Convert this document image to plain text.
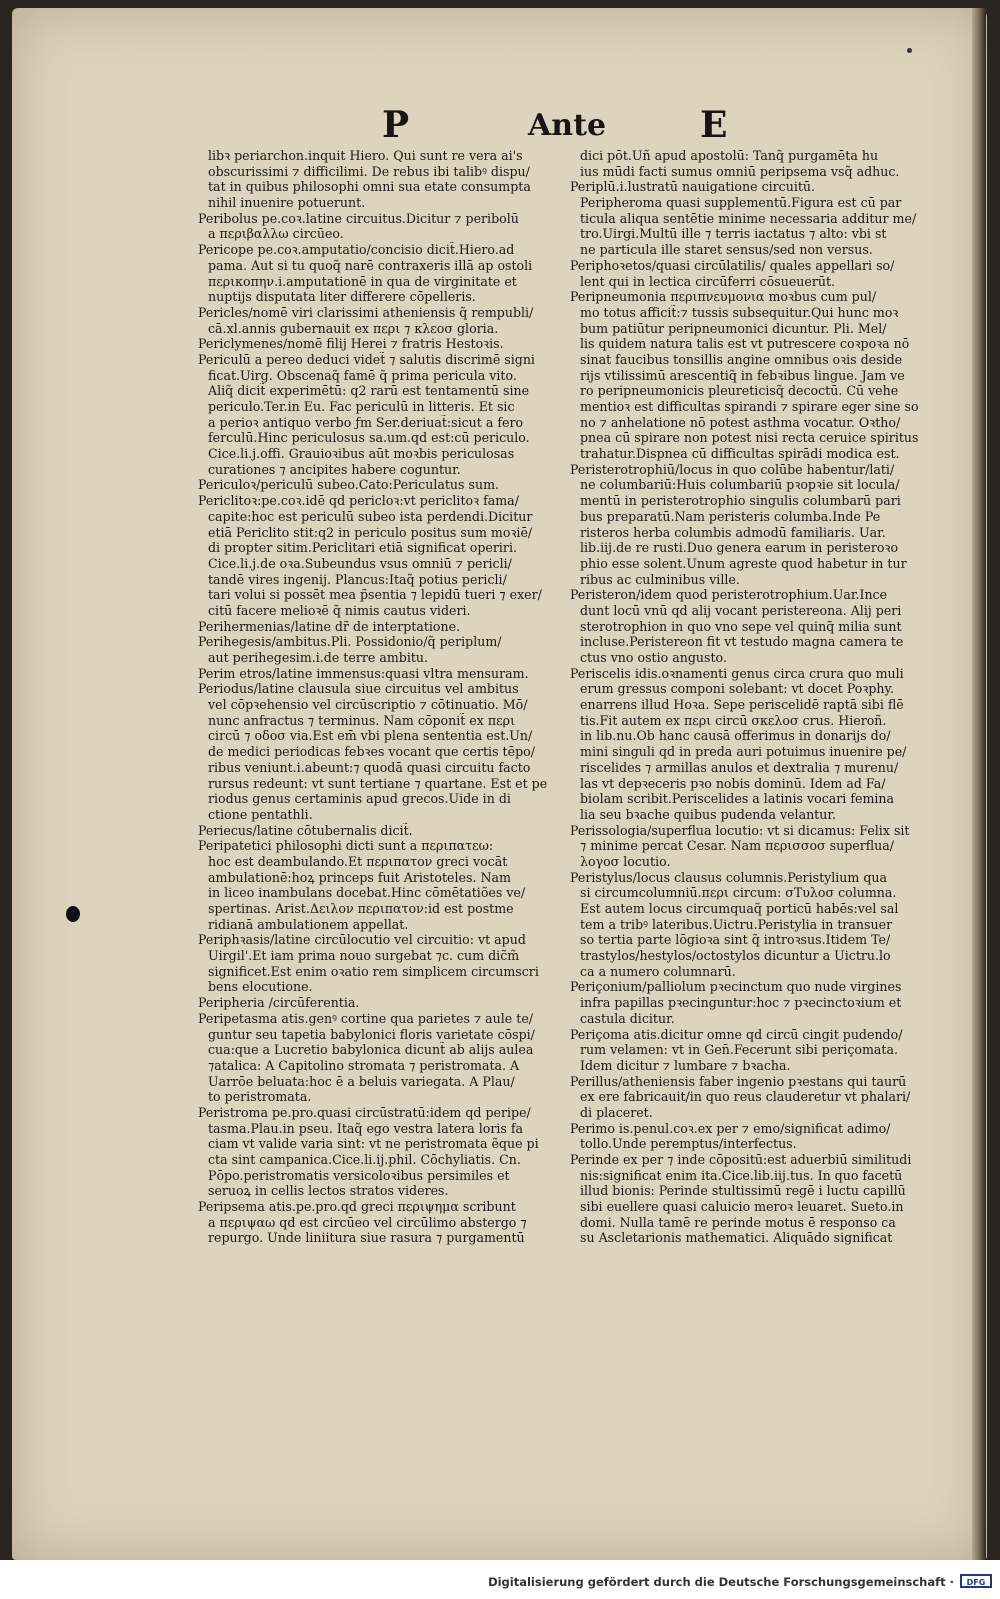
P	Ante	E
libꝛ periarchon.inquit Hiero. Qui sunt re vera ai's
obscurissimi ⁊ difficilimi. De rebus ibi talibꝰ dispu/
tat in quibus philosophi omni sua etate consumpta
nihil inuenire potuerunt.
Peribolus pe.coꝛ.latine circuitus.Dicitur ⁊ peribolū
a περιβαλλω circūeo.
Pericope pe.coꝛ.amputatio/concisio dicit̃.Hiero.ad
pama. Aut si tu quoq̃ narē contraxeris illā ap ostoli
περικοπην.i.amputationē in qua de virginitate et
nuptijs disputata liter differere cōpelleris.
Pericles/nomē viri clarissimi atheniensis q̃ rempubli/
cā.xl.annis gubernauit ex περι ⁊ κλεοσ gloria.
Periclymenes/nomē filij Herei ⁊ fratris Hestoꝛis.
Periculū a pereo deduci videt̃ ⁊ salutis discrimē signi
ficat.Uirg. Obscenaq̃ famē q̃ prima pericula vito.
Aliq̃ dicit̃ experimētū: q2 rarū est tentamentū sine
periculo.Ter.in Eu. Fac periculū in litteris. Et sic
a perioꝛ antiquo verbo ƒm Ser.deriuat̃:sicut a fero
ferculū.Hinc periculosus sa.um.qd est:cū periculo.
Cice.li.j.offi. Grauioꝛibus aūt moꝛbis periculosas
curationes ⁊ ancipites habere coguntur.
Periculoꝛ/periculū subeo.Cato:Periculatus sum.
Periclitoꝛ:pe.coꝛ.idē qd pericloꝛ:vt periclitoꝛ fama/
capite:hoc est periculū subeo ista perdendi.Dicitur
etiā Periclito stit:q2 in periculo positus sum moꝛiē/
di propter sitim.Periclitari etiā significat operiri.
Cice.li.j.de oꝛa.Subeundus vsus omniū ⁊ pericli/
tandē vires ingenij. Plancus:Itaq̃ potius pericli/
tari volui si possēt mea p̃sentia ⁊ lepidū tueri ⁊ exer/
citū facere melioꝛē q̃ nimis cautus videri.
Perihermenias/latine dr̃ de interptatione.
Perihegesis/ambitus.Pli. Possidonio/q̃ periplum/
aut perihegesim.i.de terre ambitu.
Perim etros/latine immensus:quasi vltra mensuram.
Periodus/latine clausula siue circuitus vel ambitus
vel cōpꝛehensio vel circūscriptio ⁊ cōtinuatio. Mō/
nunc anfractus ⁊ terminus. Nam cōponit̃ ex περι
circū ⁊ οδοσ via.Est em̄ vbi plena sententia est.Un/
de medici periodicas febꝛes vocant que certis tēpo/
ribus veniunt.i.abeunt:⁊ quodā quasi circuitu facto
rursus redeunt: vt sunt tertiane ⁊ quartane. Est et pe
riodus genus certaminis apud grecos.Uide in di
ctione pentathli.
Periecus/latine cōtubernalis dicit̃.
Peripatetici philosophi dicti sunt a περιπατεω:
hoc est deambulando.Et περιπατον greci vocāt
ambulationē:hoꝝ princeps fuit Aristoteles. Nam
in liceo inambulans docebat.Hinc cōmētatiões ve/
spertinas. Arist.Δειλον περιπατον:id est postme
ridianā ambulationem appellat.
Periphꝛasis/latine circūlocutio vel circuitio: vt apud
Uirgil'.Et iam prima nouo surgebat ⁊c. cum dic̃m̃
significet.Est enim oꝛatio rem simplicem circumscri
bens elocutione.
Peripheria /circūferentia.
Peripetasma atis.genꝰ cortine qua parietes ⁊ aule te/
guntur seu tapetia babylonici floris varietate cōspi/
cua:que a Lucretio babylonica dicunt̃ ab alijs aulea
⁊atalica: A Capitolino stromata ⁊ peristromata. A
Uarrōe beluata:hoc ē a beluis variegata. A Plau/
to peristromata.
Peristroma pe.pro.quasi circūstratū:idem qd peripe/
tasma.Plau.in pseu. Itaq̃ ego vestra latera loris fa
ciam vt valide varia sint: vt ne peristromata ẽque pi
cta sint campanica.Cice.li.ij.phil. Cōchyliatis. Cn.
Pōpo.peristromatis versicoloꝛibus persimiles et
seruoꝝ in cellis lectos stratos videres.
Peripsema atis.pe.pro.qd greci περιψημα scribunt
a περιψαω qd est circūeo vel circūlimo abstergo ⁊
repurgo. Unde liniitura siue rasura ⁊ purgamentū
dici pōt.Uñ apud apostolū: Tanq̃ purgamēta hu
ius mūdi facti sumus omniū peripsema vsq̃ adhuc.
Periplū.i.lustratū nauigatione circuitū.
Peripheroma quasi supplementū.Figura est cū par
ticula aliqua sentētie minime necessaria additur me/
tro.Uirgi.Multū ille ⁊ terris iactatus ⁊ alto: vbi st
ne particula ille staret sensus/sed non versus.
Periphoꝛetos/quasi circūlatilis/ quales appellari so/
lent qui in lectica circūferri cōsueuerūt.
Peripneumonia περιπνευμονια moꝛbus cum pul/
mo totus afficit̃:⁊ tussis subsequitur.Qui hunc moꝛ
bum patiūtur peripneumonici dicuntur. Pli. Mel/
lis quidem natura talis est vt putrescere coꝛpoꝛa nō
sinat faucibus tonsillis angine omnibus oꝛis deside
rijs vtilissimū arescentiq̃ in febꝛibus lingue. Jam ve
ro peripneumonicis pleureticisq̃ decoctū. Cū vehe
mentioꝛ est difficultas spirandi ⁊ spirare eger sine so
no ⁊ anhelatione nō potest asthma vocatur. Oꝛtho/
pnea cū spirare non potest nisi recta ceruice spiritus
trahatur.Dispnea cū difficultas spirādi modica est.
Peristerotrophiū/locus in quo colūbe habentur/lati/
ne columbariū:Huis columbariū pꝛopꝛie sit locula/
mentū in peristerotrophio singulis columbarū pari
bus preparatū.Nam peristeris columba.Inde Pe
risteros herba columbis admodū familiaris. Uar.
lib.iij.de re rusti.Duo genera earum in peristeroꝛo
phio esse solent.Unum agreste quod habetur in tur
ribus ac culminibus ville.
Peristeron/idem quod peristerotrophium.Uar.Ince
dunt locū vnū qd alij vocant peristereona. Alij peri
sterotrophion in quo vno sepe vel quinq̃ milia sunt
incluse.Peristereon fit vt testudo magna camera te
ctus vno ostio angusto.
Periscelis idis.oꝛnamenti genus circa crura quo muli
erum gressus componi solebant: vt docet Poꝛphy.
enarrens illud Hoꝛa. Sepe periscelidē raptā sibi flē
tis.Fit autem ex περι circū σκελοσ crus. Hieroñ.
in lib.nu.Ob hanc causā offerimus in donarijs do/
mini singuli qd in preda auri potuimus inuenire pe/
riscelides ⁊ armillas anulos et dextralia ⁊ murenu/
las vt depꝛeceris pꝛo nobis dominū. Idem ad Fa/
biolam scribit.Periscelides a latinis vocari femina
lia seu bꝛache quibus pudenda velantur.
Perissologia/superflua locutio: vt si dicamus: Felix sit
⁊ minime percat Cesar. Nam περισσοσ superflua/
λογοσ locutio.
Peristylus/locus clausus columnis.Peristylium qua
si circumcolumniū.περι circum: σΤυλοσ columna.
Est autem locus circumquaq̃ porticū habēs:vel sal
tem a tribꝰ lateribus.Uictru.Peristylia in transuer
so tertia parte lōgioꝛa sint q̃ introꝛsus.Itidem Te/
trastylos/hestylos/octostylos dicuntur a Uictru.lo
ca a numero columnarū.
Periçonium/palliolum pꝛecinctum quo nude virgines
infra papillas pꝛecinguntur:hoc ⁊ pꝛecinctoꝛium et
castula dicitur.
Periçoma atis.dicitur omne qd circū cingit pudendo/
rum velamen: vt in Gen̄.Fecerunt sibi periçomata.
Idem dicitur ⁊ lumbare ⁊ bꝛacha.
Perillus/atheniensis faber ingenio pꝛestans qui taurū
ex ere fabricauit/in quo reus clauderetur vt phalari/
di placeret.
Perimo is.penul.coꝛ.ex per ⁊ emo/significat adimo/
tollo.Unde peremptus/interfectus.
Perinde ex per ⁊ inde cōpositū:est aduerbiū similitudi
nis:significat enim ita.Cice.lib.iij.tus. In quo facetū
illud bionis: Perinde stultissimū regē i luctu capillū
sibi euellere quasi caluicio meroꝛ leuaret. Sueto.in
domi. Nulla tamē re perinde motus ē responso ca
su Ascletarionis mathematici. Aliquādo significat
Digitalisierung gefördert durch die Deutsche Forschungsgemeinschaft ·	DFG
